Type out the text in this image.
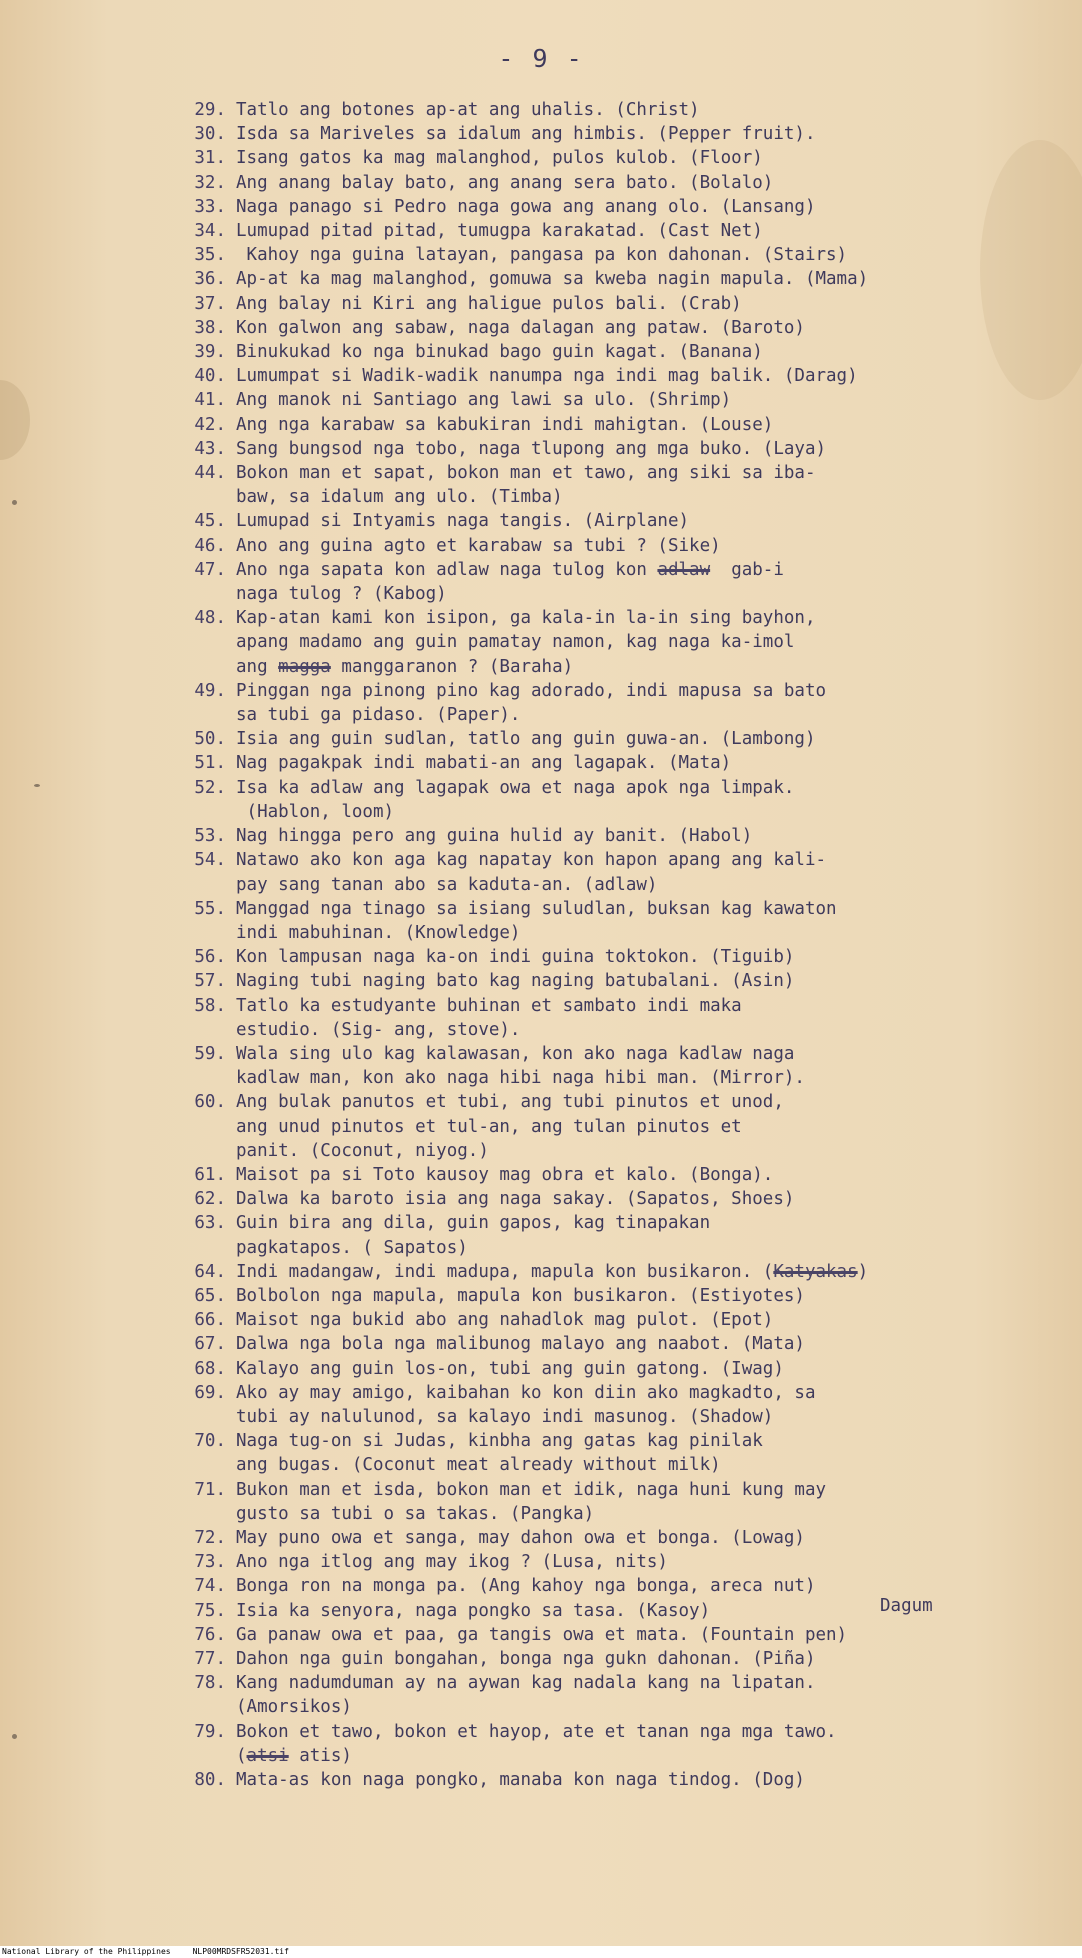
- 9 -
29. Tatlo ang botones ap-at ang uhalis. (Christ)
30. Isda sa Mariveles sa idalum ang himbis. (Pepper fruit).
31. Isang gatos ka mag malanghod, pulos kulob. (Floor)
32. Ang anang balay bato, ang anang sera bato. (Bolalo)
33. Naga panago si Pedro naga gowa ang anang olo. (Lansang)
34. Lumupad pitad pitad, tumugpa karakatad. (Cast Net)
35. Kahoy nga guina latayan, pangasa pa kon dahonan. (Stairs)
36. Ap-at ka mag malanghod, gomuwa sa kweba nagin mapula. (Mama)
37. Ang balay ni Kiri ang haligue pulos bali. (Crab)
38. Kon galwon ang sabaw, naga dalagan ang pataw. (Baroto)
39. Binukukad ko nga binukad bago guin kagat. (Banana)
40. Lumumpat si Wadik-wadik nanumpa nga indi mag balik. (Darag)
41. Ang manok ni Santiago ang lawi sa ulo. (Shrimp)
42. Ang nga karabaw sa kabukiran indi mahigtan. (Louse)
43. Sang bungsod nga tobo, naga tlupong ang mga buko. (Laya)
44. Bokon man et sapat, bokon man et tawo, ang siki sa iba-
baw, sa idalum ang ulo. (Timba)
45. Lumupad si Intyamis naga tangis. (Airplane)
46. Ano ang guina agto et karabaw sa tubi ? (Sike)
47. Ano nga sapata kon adlaw naga tulog kon adlaw  gab-i
naga tulog ? (Kabog)
48. Kap-atan kami kon isipon, ga kala-in la-in sing bayhon,
apang madamo ang guin pamatay namon, kag naga ka-imol
ang magga manggaranon ? (Baraha)
49. Pinggan nga pinong pino kag adorado, indi mapusa sa bato
sa tubi ga pidaso. (Paper).
50. Isia ang guin sudlan, tatlo ang guin guwa-an. (Lambong)
51. Nag pagakpak indi mabati-an ang lagapak. (Mata)
52. Isa ka adlaw ang lagapak owa et naga apok nga limpak.
(Hablon, loom)
53. Nag hingga pero ang guina hulid ay banit. (Habol)
54. Natawo ako kon aga kag napatay kon hapon apang ang kali-
pay sang tanan abo sa kaduta-an. (adlaw)
55. Manggad nga tinago sa isiang suludlan, buksan kag kawaton
indi mabuhinan. (Knowledge)
56. Kon lampusan naga ka-on indi guina toktokon. (Tiguib)
57. Naging tubi naging bato kag naging batubalani. (Asin)
58. Tatlo ka estudyante buhinan et sambato indi maka
estudio. (Sig- ang, stove).
59. Wala sing ulo kag kalawasan, kon ako naga kadlaw naga
kadlaw man, kon ako naga hibi naga hibi man. (Mirror).
60. Ang bulak panutos et tubi, ang tubi pinutos et unod,
ang unud pinutos et tul-an, ang tulan pinutos et
panit. (Coconut, niyog.)
61. Maisot pa si Toto kausoy mag obra et kalo. (Bonga).
62. Dalwa ka baroto isia ang naga sakay. (Sapatos, Shoes)
63. Guin bira ang dila, guin gapos, kag tinapakan
pagkatapos. ( Sapatos)
64. Indi madangaw, indi madupa, mapula kon busikaron. (Katyakas)
65. Bolbolon nga mapula, mapula kon busikaron. (Estiyotes)
66. Maisot nga bukid abo ang nahadlok mag pulot. (Epot)
67. Dalwa nga bola nga malibunog malayo ang naabot. (Mata)
68. Kalayo ang guin los-on, tubi ang guin gatong. (Iwag)
69. Ako ay may amigo, kaibahan ko kon diin ako magkadto, sa
tubi ay nalulunod, sa kalayo indi masunog. (Shadow)
70. Naga tug-on si Judas, kinbha ang gatas kag pinilak
ang bugas. (Coconut meat already without milk)
71. Bukon man et isda, bokon man et idik, naga huni kung may
gusto sa tubi o sa takas. (Pangka)
72. May puno owa et sanga, may dahon owa et bonga. (Lowag)
73. Ano nga itlog ang may ikog ? (Lusa, nits)
74. Bonga ron na monga pa. (Ang kahoy nga bonga, areca nut)
75. Isia ka senyora, naga pongko sa tasa. (Kasoy)
76. Ga panaw owa et paa, ga tangis owa et mata. (Fountain pen)
77. Dahon nga guin bongahan, bonga nga gukn dahonan. (Piña)
78. Kang nadumduman ay na aywan kag nadala kang na lipatan.
(Amorsikos)
79. Bokon et tawo, bokon et hayop, ate et tanan nga mga tawo.
(atsi atis)
80. Mata-as kon naga pongko, manaba kon naga tindog. (Dog)
Dagum
National Library of the Philippines	NLP00MRDSFR52031.tif
